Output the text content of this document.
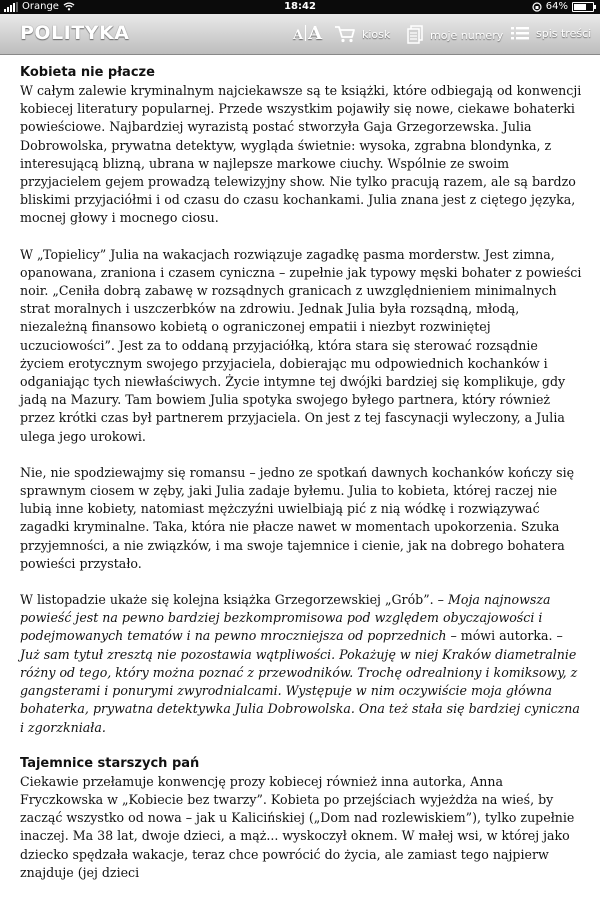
Orange	18:42	64%
POLITYKA	A A	kiosk	moje numery	spis treści
Kobieta nie płacze

W całym zalewie kryminalnym najciekawsze są te książki, które odbiegają od konwencji kobiecej literatury popularnej. Przede wszystkim pojawiły się nowe, ciekawe bohaterki powieściowe. Najbardziej wyrazistą postać stworzyła Gaja Grzegorzewska. Julia Dobrowolska, prywatna detektyw, wygląda świetnie: wysoka, zgrabna blondynka, z interesującą blizną, ubrana w najlepsze markowe ciuchy. Wspólnie ze swoim przyjacielem gejem prowadzą telewizyjny show. Nie tylko pracują razem, ale są bardzo bliskimi przyjaciółmi i od czasu do czasu kochankami. Julia znana jest z ciętego języka, mocnej głowy i mocnego ciosu.

W „Topielicy” Julia na wakacjach rozwiązuje zagadkę pasma morderstw. Jest zimna, opanowana, zraniona i czasem cyniczna – zupełnie jak typowy męski bohater z powieści noir. „Ceniła dobrą zabawę w rozsądnych granicach z uwzględnieniem minimalnych strat moralnych i uszczerbków na zdrowiu. Jednak Julia była rozsądną, młodą, niezależną finansowo kobietą o ograniczonej empatii i niezbyt rozwiniętej uczuciowości”. Jest za to oddaną przyjaciółką, która stara się sterować rozsądnie życiem erotycznym swojego przyjaciela, dobierając mu odpowiednich kochanków i odganiając tych niewłaściwych. Życie intymne tej dwójki bardziej się komplikuje, gdy jadą na Mazury. Tam bowiem Julia spotyka swojego byłego partnera, który również przez krótki czas był partnerem przyjaciela. On jest z tej fascynacji wyleczony, a Julia ulega jego urokowi.

Nie, nie spodziewajmy się romansu – jedno ze spotkań dawnych kochanków kończy się sprawnym ciosem w zęby, jaki Julia zadaje byłemu. Julia to kobieta, której raczej nie lubią inne kobiety, natomiast mężczyźni uwielbiają pić z nią wódkę i rozwiązywać zagadki kryminalne. Taka, która nie płacze nawet w momentach upokorzenia. Szuka przyjemności, a nie związków, i ma swoje tajemnice i cienie, jak na dobrego bohatera powieści przystało.

W listopadzie ukaże się kolejna książka Grzegorzewskiej „Grób”. – Moja najnowsza powieść jest na pewno bardziej bezkompromisowa pod względem obyczajowości i podejmowanych tematów i na pewno mroczniejsza od poprzednich – mówi autorka. – Już sam tytuł zresztą nie pozostawia wątpliwości. Pokażuję w niej Kraków diametralnie różny od tego, który można poznać z przewodników. Trochę odrealniony i komiksowy, z gangsterami i ponurymi zwyrodnialcami. Występuje w nim oczywiście moja główna bohaterka, prywatna detektywka Julia Dobrowolska. Ona też stała się bardziej cyniczna i zgorzkniała.

Tajemnice starszych pań

Ciekawie przełamuje konwencję prozy kobiecej również inna autorka, Anna Fryczkowska w „Kobiecie bez twarzy”. Kobieta po przejściach wyjeżdża na wieś, by zacząć wszystko od nowa – jak u Kalicińskiej („Dom nad rozlewiskiem”), tylko zupełnie inaczej. Ma 38 lat, dwoje dzieci, a mąż... wyskoczył oknem. W małej wsi, w której jako dziecko spędzała wakacje, teraz chce powrócić do życia, ale zamiast tego najpierw znajduje (jej dzieci
